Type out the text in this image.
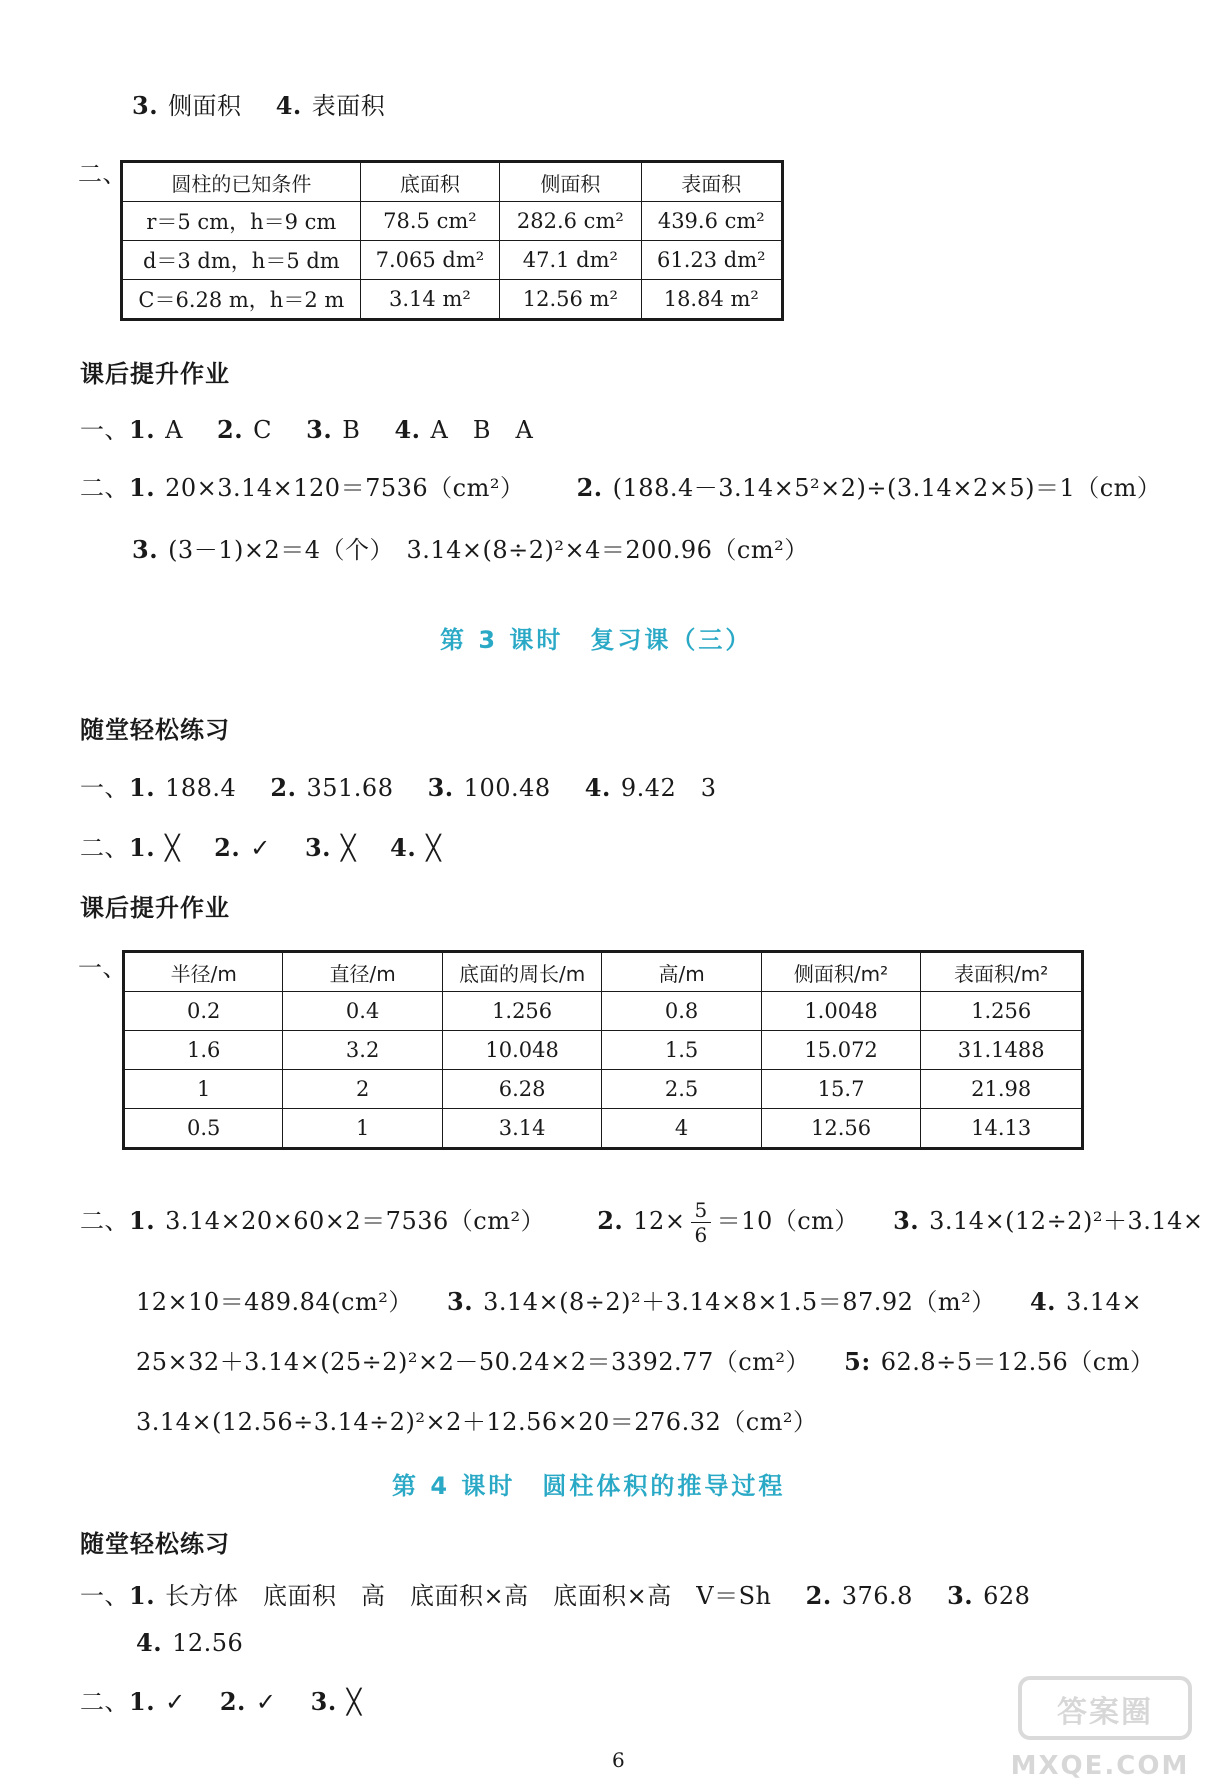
3. 侧面积 4. 表面积
二、 圆柱的已知条件	底面积	侧面积	表面积
r＝5 cm，h＝9 cm	78.5 cm²	282.6 cm²	439.6 cm²
d＝3 dm，h＝5 dm	7.065 dm²	47.1 dm²	61.23 dm²
C＝6.28 m，h＝2 m	3.14 m²	12.56 m²	18.84 m²
课后提升作业
一、1. A 2. C 3. B 4. A　B　A
二、1. 20×3.14×120＝7536（cm²） 2. (188.4－3.14×5²×2)÷(3.14×2×5)＝1（cm）
3. (3－1)×2＝4（个）　3.14×(8÷2)²×4＝200.96（cm²）
第 3 课时　复习课（三）
随堂轻松练习
一、1. 188.4 2. 351.68 3. 100.48 4. 9.42　3
二、1. ╳ 2. ✓ 3. ╳ 4. ╳
课后提升作业
一、 半径/m	直径/m	底面的周长/m	高/m	侧面积/m²	表面积/m²
0.2	0.4	1.256	0.8	1.0048	1.256
1.6	3.2	10.048	1.5	15.072	31.1488
1	2	6.28	2.5	15.7	21.98
0.5	1	3.14	4	12.56	14.13
二、1. 3.14×20×60×2＝7536（cm²） 2. $12\times \frac{5}{6} =10(cm)$ 3. 3.14×(12÷2)²＋3.14×
12×10＝489.84(cm²） 3. 3.14×(8÷2)²＋3.14×8×1.5＝87.92（m²） 4. 3.14×
25×32＋3.14×(25÷2)²×2－50.24×2＝3392.77（cm²） 5: 62.8÷5＝12.56（cm）
3.14×(12.56÷3.14÷2)²×2＋12.56×20＝276.32（cm²）
第 4 课时　圆柱体积的推导过程
随堂轻松练习
一、1. 长方体　底面积　高　底面积×高　底面积×高　V＝Sh 2. 376.8 3. 628
4. 12.56
二、1. ✓ 2. ✓ 3. ╳
6
答案圈
MXQE.COM
